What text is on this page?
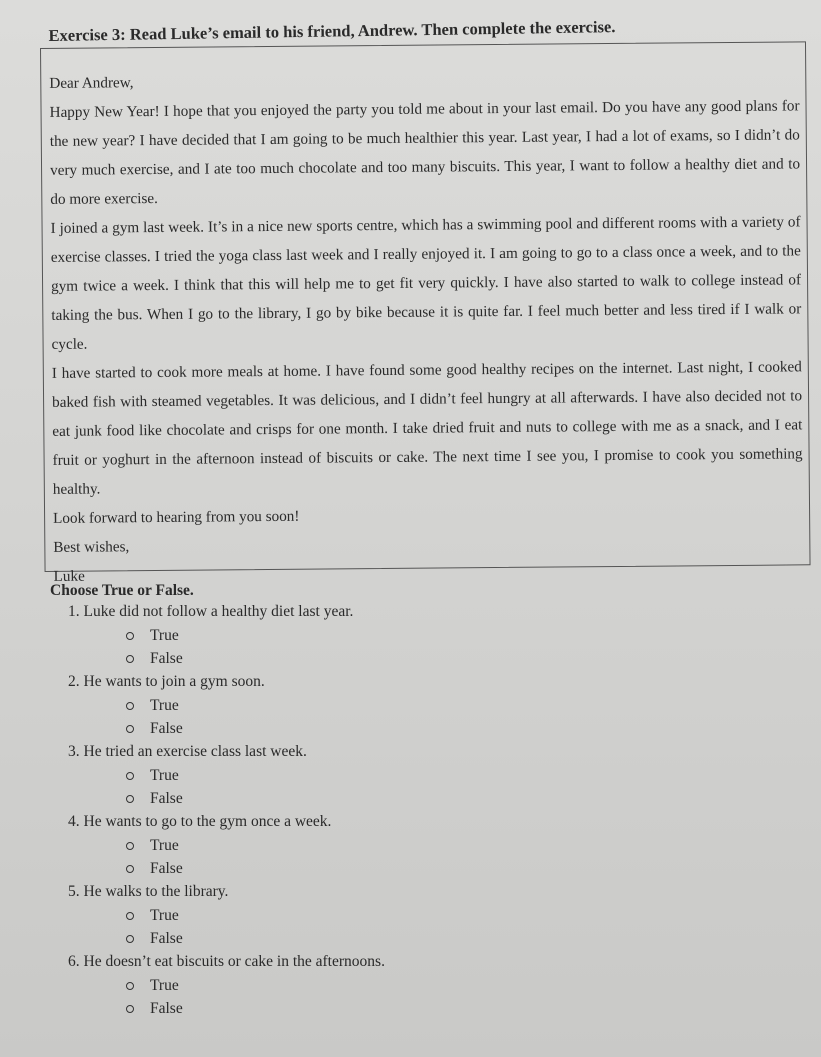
Exercise 3: Read Luke’s email to his friend, Andrew. Then complete the exercise.

Dear Andrew,

Happy New Year! I hope that you enjoyed the party you told me about in your last email. Do you have any good plans for the new year? I have decided that I am going to be much healthier this year. Last year, I had a lot of exams, so I didn’t do very much exercise, and I ate too much chocolate and too many biscuits. This year, I want to follow a healthy diet and to do more exercise.

I joined a gym last week. It’s in a nice new sports centre, which has a swimming pool and different rooms with a variety of exercise classes. I tried the yoga class last week and I really enjoyed it. I am going to go to a class once a week, and to the gym twice a week. I think that this will help me to get fit very quickly. I have also started to walk to college instead of taking the bus. When I go to the library, I go by bike because it is quite far. I feel much better and less tired if I walk or cycle.

I have started to cook more meals at home. I have found some good healthy recipes on the internet. Last night, I cooked baked fish with steamed vegetables. It was delicious, and I didn’t feel hungry at all afterwards. I have also decided not to eat junk food like chocolate and crisps for one month. I take dried fruit and nuts to college with me as a snack, and I eat fruit or yoghurt in the afternoon instead of biscuits or cake. The next time I see you, I promise to cook you something healthy.

Look forward to hearing from you soon!

Best wishes,

Luke

Choose True or False.
1. Luke did not follow a healthy diet last year.
True
False
2. He wants to join a gym soon.
True
False
3. He tried an exercise class last week.
True
False
4. He wants to go to the gym once a week.
True
False
5. He walks to the library.
True
False
6. He doesn’t eat biscuits or cake in the afternoons.
True
False
